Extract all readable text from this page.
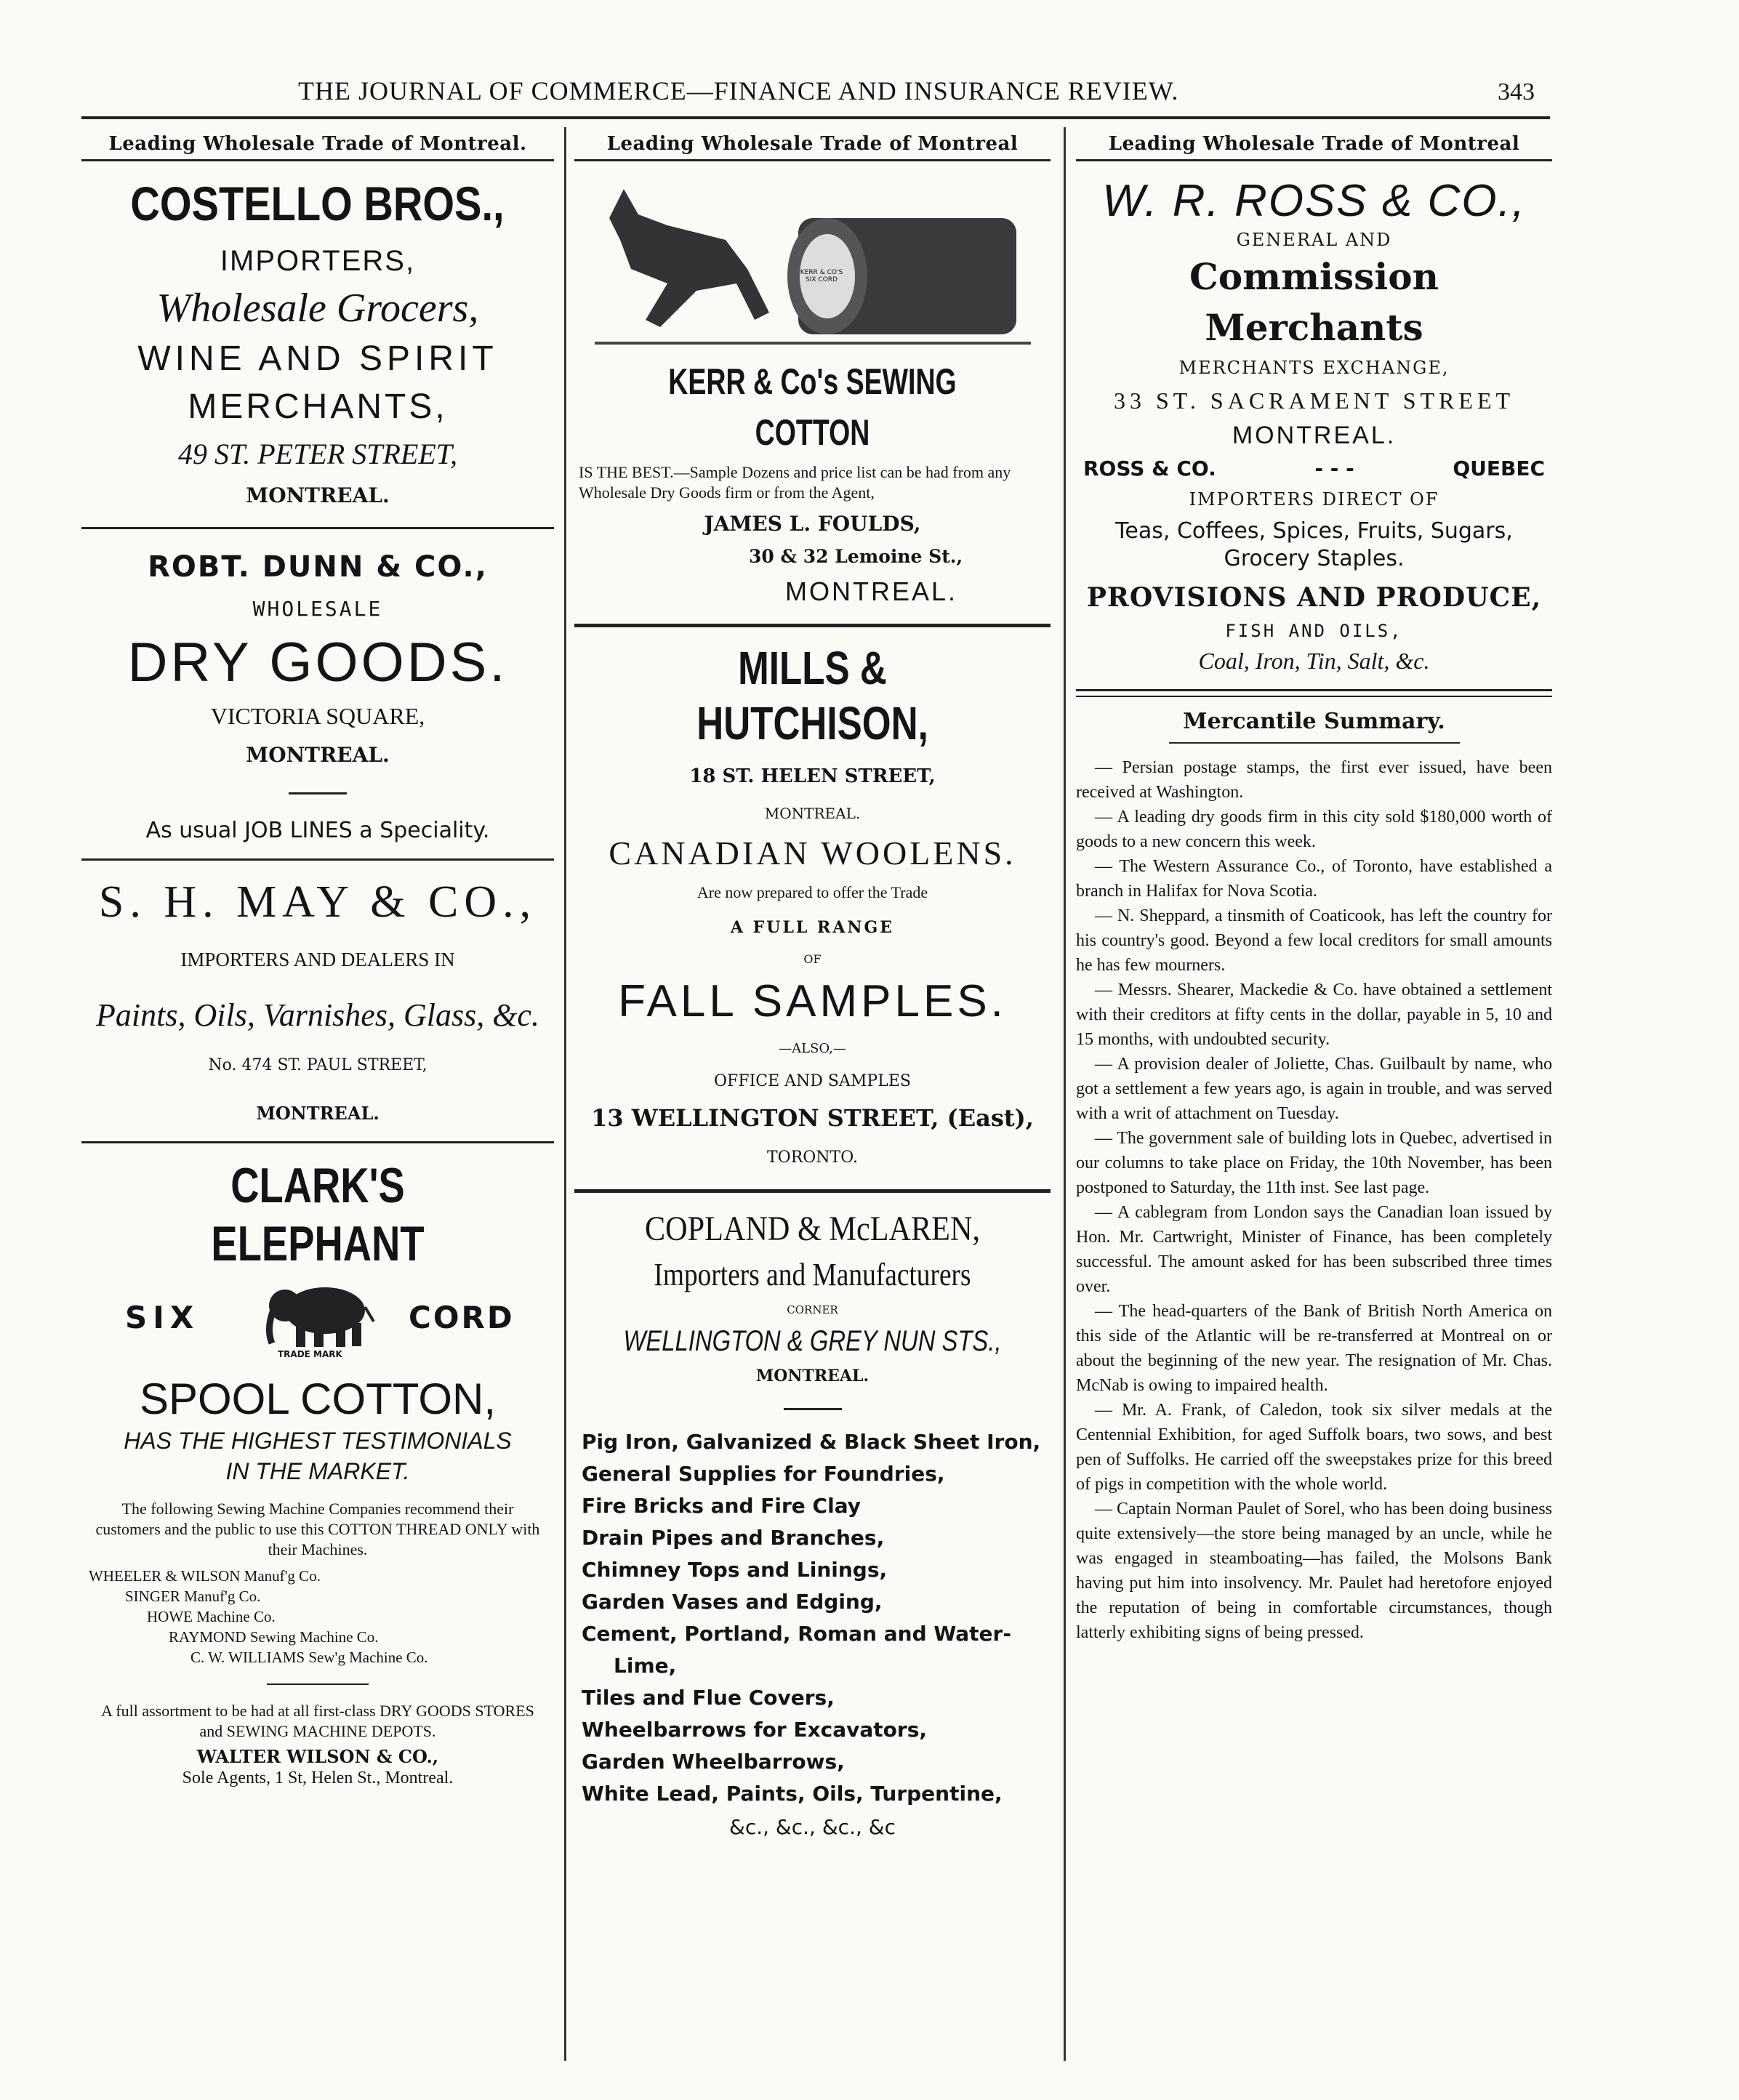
THE JOURNAL OF COMMERCE—FINANCE AND INSURANCE REVIEW.	343
Leading Wholesale Trade of Montreal.

COSTELLO BROS.,

IMPORTERS,

Wholesale Grocers,

WINE AND SPIRIT

MERCHANTS,

49 ST. PETER STREET,

MONTREAL.

ROBT. DUNN & CO.,

WHOLESALE

DRY GOODS.

VICTORIA SQUARE,

MONTREAL.

As usual JOB LINES a Speciality.

S. H. MAY & CO.,

IMPORTERS AND DEALERS IN

Paints, Oils, Varnishes, Glass, &c.

No. 474 ST. PAUL STREET,

MONTREAL.

CLARK'S ELEPHANT

SIX
TRADE MARK
CORD

SPOOL COTTON,

HAS THE HIGHEST TESTIMONIALS

IN THE MARKET.

The following Sewing Machine Companies recommend their customers and the public to use this COTTON THREAD ONLY with their Machines.

WHEELER & WILSON Manuf'g Co.
SINGER Manuf'g Co.
HOWE Machine Co.
RAYMOND Sewing Machine Co.
C. W. WILLIAMS Sew'g Machine Co.

A full assortment to be had at all first-class DRY GOODS STORES and SEWING MACHINE DEPOTS.

WALTER WILSON & CO.,

Sole Agents, 1 St, Helen St., Montreal.

Leading Wholesale Trade of Montreal
KERR & CO'S SIX CORD

KERR & Co's SEWING COTTON

IS THE BEST.—Sample Dozens and price list can be had from any Wholesale Dry Goods firm or from the Agent,

JAMES L. FOULDS,

30 & 32 Lemoine St.,

MONTREAL.

MILLS & HUTCHISON,

18 ST. HELEN STREET,

MONTREAL.

CANADIAN WOOLENS.

Are now prepared to offer the Trade

A FULL RANGE

OF

FALL SAMPLES.

—ALSO,—

OFFICE AND SAMPLES

13 WELLINGTON STREET, (East),

TORONTO.

COPLAND & McLAREN,

Importers and Manufacturers

CORNER

WELLINGTON & GREY NUN STS.,

MONTREAL.

Pig Iron, Galvanized & Black Sheet Iron,
General Supplies for Foundries,
Fire Bricks and Fire Clay
Drain Pipes and Branches,
Chimney Tops and Linings,
Garden Vases and Edging,
Cement, Portland, Roman and Water-Lime,
Tiles and Flue Covers,
Wheelbarrows for Excavators,
Garden Wheelbarrows,
White Lead, Paints, Oils, Turpentine,

&c., &c., &c., &c

Leading Wholesale Trade of Montreal

W. R. ROSS & CO.,

GENERAL AND

Commission Merchants

MERCHANTS EXCHANGE,

33 ST. SACRAMENT STREET

MONTREAL.

ROSS & CO.	- - -	QUEBEC

IMPORTERS DIRECT OF

Teas, Coffees, Spices, Fruits, Sugars, Grocery Staples.

PROVISIONS AND PRODUCE,

FISH AND OILS,

Coal, Iron, Tin, Salt, &c.

Mercantile Summary.

— Persian postage stamps, the first ever issued, have been received at Washington.

— A leading dry goods firm in this city sold $180,000 worth of goods to a new concern this week.

— The Western Assurance Co., of Toronto, have established a branch in Halifax for Nova Scotia.

— N. Sheppard, a tinsmith of Coaticook, has left the country for his country's good. Beyond a few local creditors for small amounts he has few mourners.

— Messrs. Shearer, Mackedie & Co. have obtained a settlement with their creditors at fifty cents in the dollar, payable in 5, 10 and 15 months, with undoubted security.

— A provision dealer of Joliette, Chas. Guilbault by name, who got a settlement a few years ago, is again in trouble, and was served with a writ of attachment on Tuesday.

— The government sale of building lots in Quebec, advertised in our columns to take place on Friday, the 10th November, has been postponed to Saturday, the 11th inst. See last page.

— A cablegram from London says the Canadian loan issued by Hon. Mr. Cartwright, Minister of Finance, has been completely successful. The amount asked for has been subscribed three times over.

— The head-quarters of the Bank of British North America on this side of the Atlantic will be re-transferred at Montreal on or about the beginning of the new year. The resignation of Mr. Chas. McNab is owing to impaired health.

— Mr. A. Frank, of Caledon, took six silver medals at the Centennial Exhibition, for aged Suffolk boars, two sows, and best pen of Suffolks. He carried off the sweepstakes prize for this breed of pigs in competition with the whole world.

— Captain Norman Paulet of Sorel, who has been doing business quite extensively—the store being managed by an uncle, while he was engaged in steamboating—has failed, the Molsons Bank having put him into insolvency. Mr. Paulet had heretofore enjoyed the reputation of being in comfortable circumstances, though latterly exhibiting signs of being pressed.
